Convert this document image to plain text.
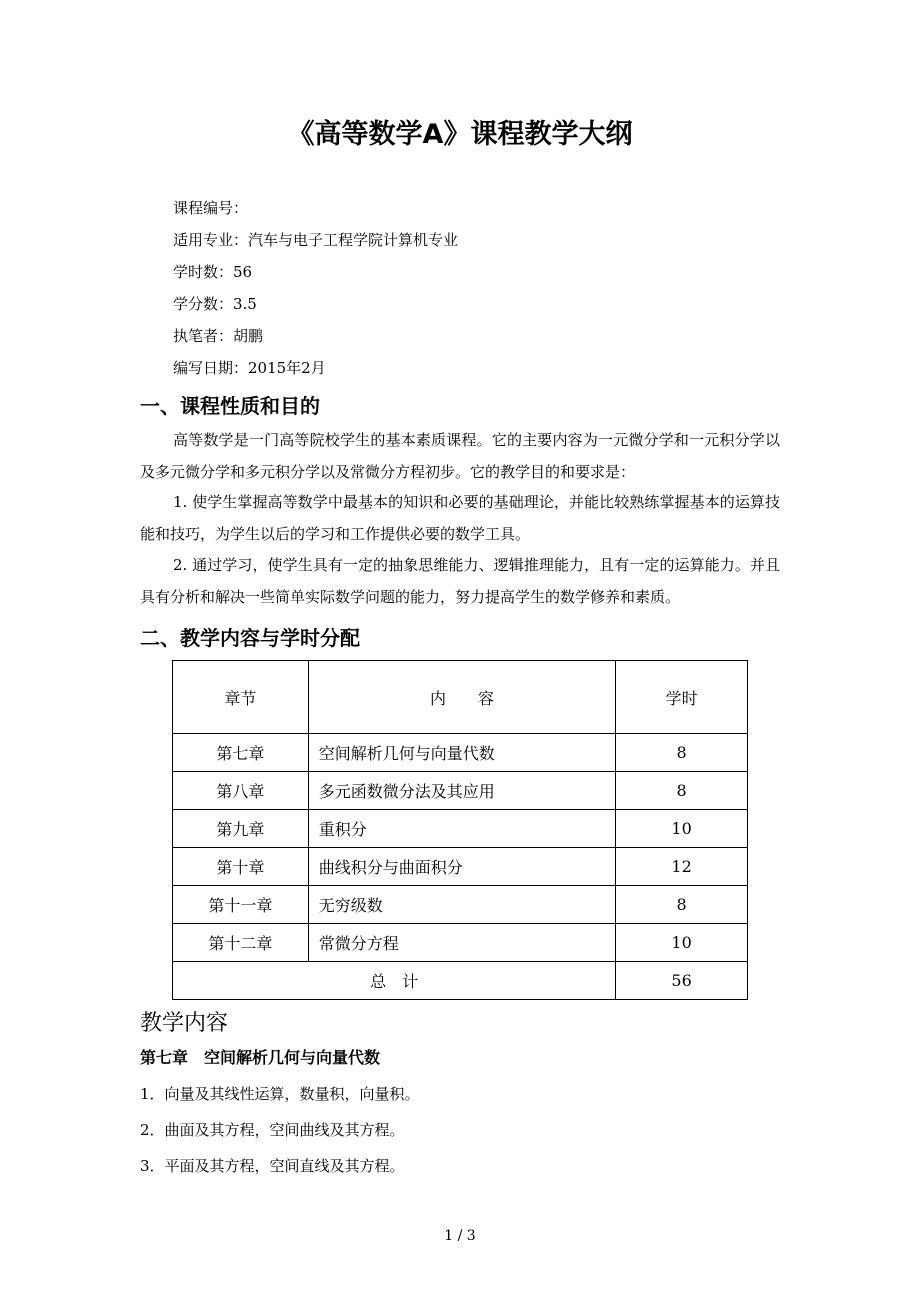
《高等数学A》课程教学大纲
课程编号：
适用专业：汽车与电子工程学院计算机专业
学时数：56
学分数：3.5
执笔者：胡鹏
编写日期：2015年2月
一、课程性质和目的
高等数学是一门高等院校学生的基本素质课程。它的主要内容为一元微分学和一元积分学以及多元微分学和多元积分学以及常微分方程初步。它的教学目的和要求是：
1. 使学生掌握高等数学中最基本的知识和必要的基础理论，并能比较熟练掌握基本的运算技能和技巧，为学生以后的学习和工作提供必要的数学工具。
2. 通过学习，使学生具有一定的抽象思维能力、逻辑推理能力，且有一定的运算能力。并且具有分析和解决一些简单实际数学问题的能力，努力提高学生的数学修养和素质。
二、教学内容与学时分配
章节	内　　容	学时
第七章	空间解析几何与向量代数	8
第八章	多元函数微分法及其应用	8
第九章	重积分	10
第十章	曲线积分与曲面积分	12
第十一章	无穷级数	8
第十二章	常微分方程	10
总　计		56
教学内容
第七章　空间解析几何与向量代数
1．向量及其线性运算，数量积，向量积。
2．曲面及其方程，空间曲线及其方程。
3．平面及其方程，空间直线及其方程。
1 / 3
